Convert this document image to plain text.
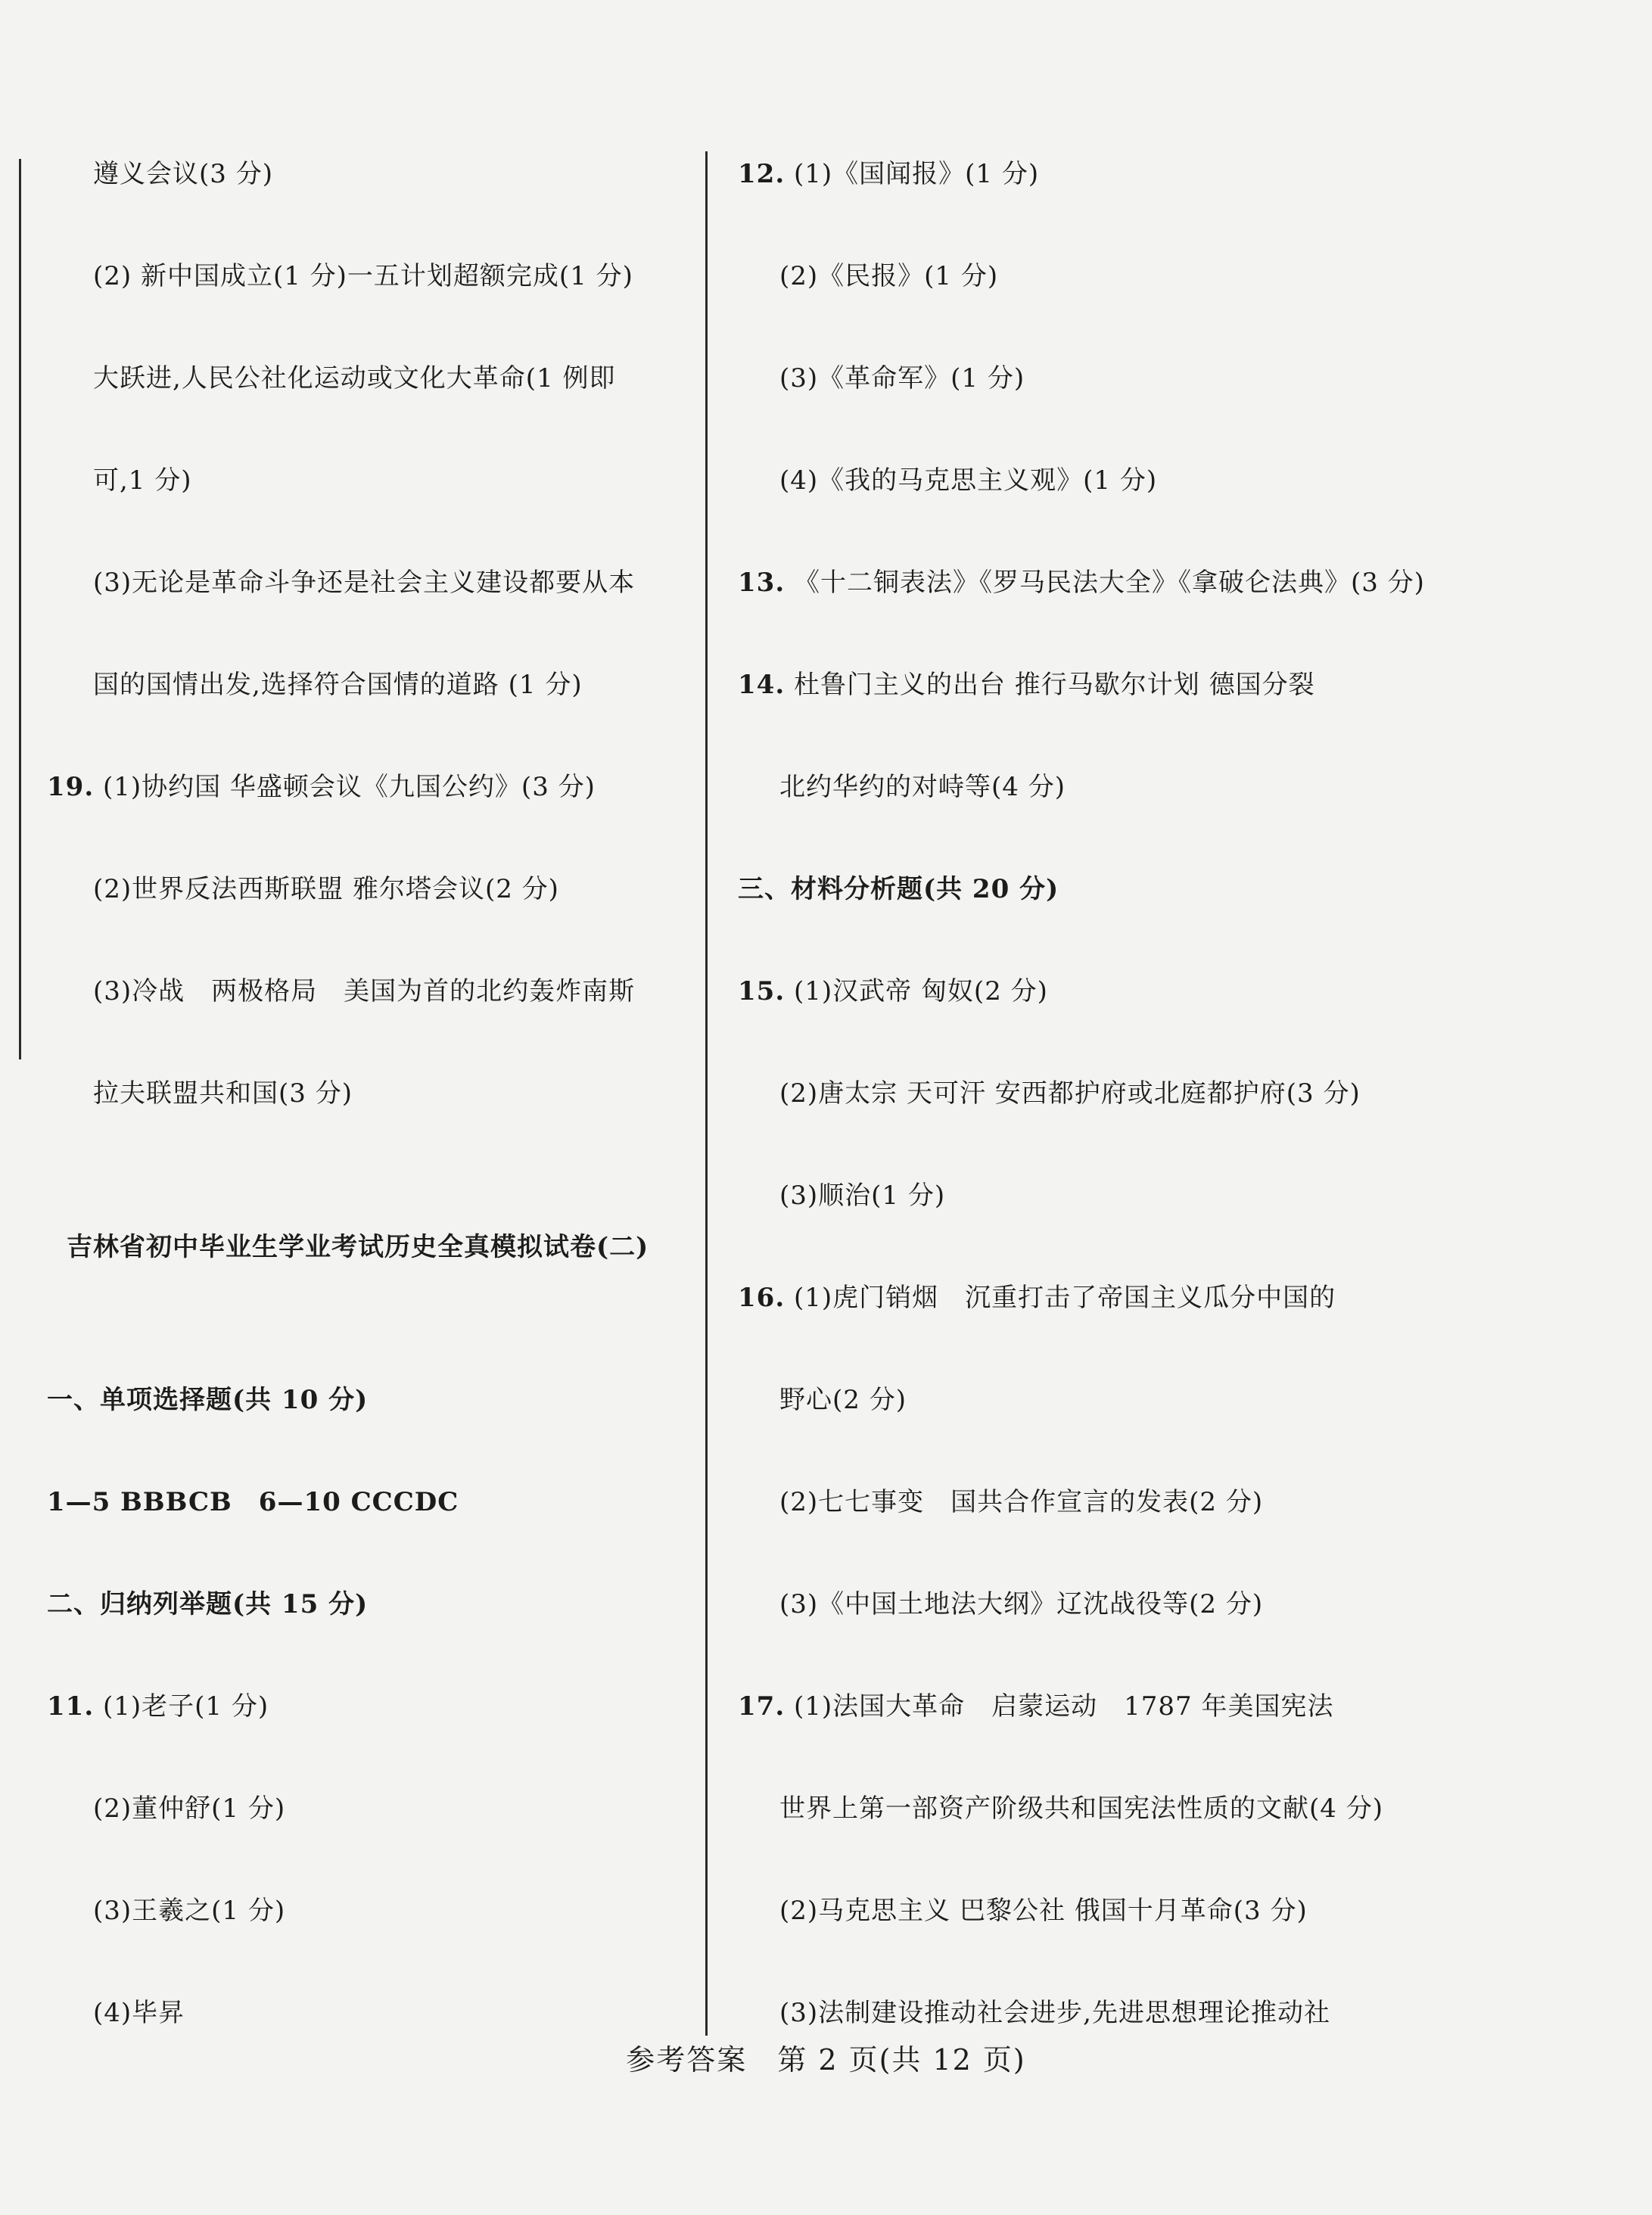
遵义会议(3 分)
(2) 新中国成立(1 分)一五计划超额完成(1 分)
大跃进,人民公社化运动或文化大革命(1 例即
可,1 分)
(3)无论是革命斗争还是社会主义建设都要从本
国的国情出发,选择符合国情的道路 (1 分)
19. (1)协约国 华盛顿会议《九国公约》(3 分)
(2)世界反法西斯联盟 雅尔塔会议(2 分)
(3)冷战　两极格局　美国为首的北约轰炸南斯
拉夫联盟共和国(3 分)
吉林省初中毕业生学业考试历史全真模拟试卷(二)
一、单项选择题(共 10 分)
1—5 BBBCB　6—10 CCCDC
二、归纳列举题(共 15 分)
11. (1)老子(1 分)
(2)董仲舒(1 分)
(3)王羲之(1 分)
(4)毕昇
12. (1)《国闻报》(1 分)
(2)《民报》(1 分)
(3)《革命军》(1 分)
(4)《我的马克思主义观》(1 分)
13. 《十二铜表法》《罗马民法大全》《拿破仑法典》(3 分)
14. 杜鲁门主义的出台 推行马歇尔计划 德国分裂
北约华约的对峙等(4 分)
三、材料分析题(共 20 分)
15. (1)汉武帝 匈奴(2 分)
(2)唐太宗 天可汗 安西都护府或北庭都护府(3 分)
(3)顺治(1 分)
16. (1)虎门销烟　沉重打击了帝国主义瓜分中国的
野心(2 分)
(2)七七事变　国共合作宣言的发表(2 分)
(3)《中国土地法大纲》辽沈战役等(2 分)
17. (1)法国大革命　启蒙运动　1787 年美国宪法
世界上第一部资产阶级共和国宪法性质的文献(4 分)
(2)马克思主义 巴黎公社 俄国十月革命(3 分)
(3)法制建设推动社会进步,先进思想理论推动社
参考答案　第 2 页(共 12 页)
